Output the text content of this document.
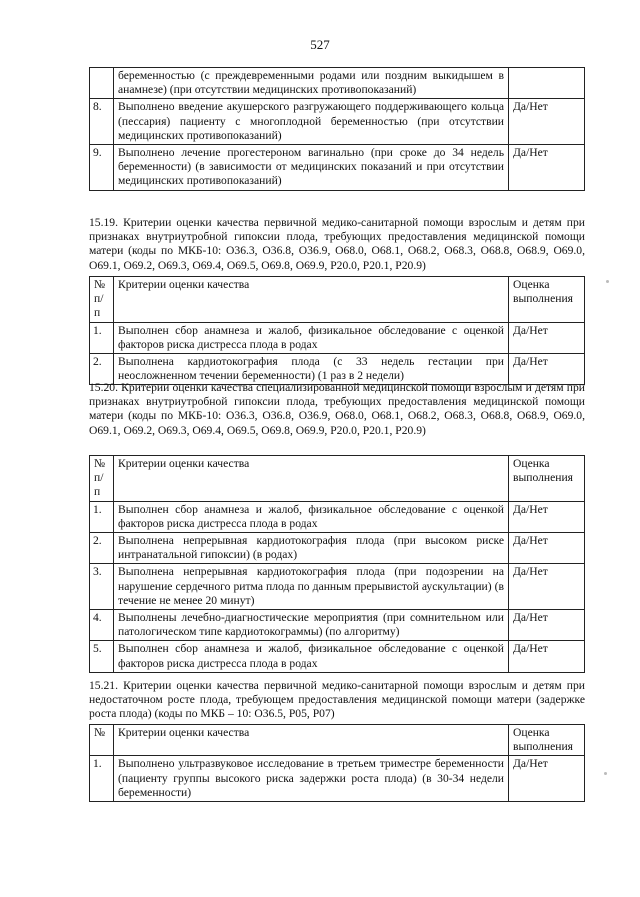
527
	беременностью (с преждевременными родами или поздним выкидышем в анамнезе) (при отсутствии медицинских противопоказаний)	
8.	Выполнено введение акушерского разгружающего поддерживающего кольца (пессария) пациенту с многоплодной беременностью (при отсутствии медицинских противопоказаний)	Да/Нет
9.	Выполнено лечение прогестероном вагинально (при сроке до 34 недель беременности) (в зависимости от медицинских показаний и при отсутствии медицинских противопоказаний)	Да/Нет

15.19. Критерии оценки качества первичной медико-санитарной помощи взрослым и детям при признаках внутриутробной гипоксии плода, требующих предоставления медицинской помощи матери (коды по МКБ-10: O36.3, O36.8, O36.9, O68.0, O68.1, O68.2, O68.3, O68.8, O68.9, O69.0, O69.1, O69.2, O69.3, O69.4, O69.5, O69.8, O69.9, P20.0, P20.1, P20.9)

№ п/п	Критерии оценки качества	Оценка выполнения
1.	Выполнен сбор анамнеза и жалоб, физикальное обследование с оценкой факторов риска дистресса плода в родах	Да/Нет
2.	Выполнена кардиотокография плода (с 33 недель гестации при неосложненном течении беременности) (1 раз в 2 недели)	Да/Нет

15.20. Критерии оценки качества специализированной медицинской помощи взрослым и детям при признаках внутриутробной гипоксии плода, требующих предоставления медицинской помощи матери (коды по МКБ-10: O36.3, O36.8, O36.9, O68.0, O68.1, O68.2, O68.3, O68.8, O68.9, O69.0, O69.1, O69.2, O69.3, O69.4, O69.5, O69.8, O69.9, P20.0, P20.1, P20.9)

№ п/п	Критерии оценки качества	Оценка выполнения
1.	Выполнен сбор анамнеза и жалоб, физикальное обследование с оценкой факторов риска дистресса плода в родах	Да/Нет
2.	Выполнена непрерывная кардиотокография плода (при высоком риске интранатальной гипоксии) (в родах)	Да/Нет
3.	Выполнена непрерывная кардиотокография плода (при подозрении на нарушение сердечного ритма плода по данным прерывистой аускультации) (в течение не менее 20 минут)	Да/Нет
4.	Выполнены лечебно-диагностические мероприятия (при сомнительном или патологическом типе кардиотокограммы) (по алгоритму)	Да/Нет
5.	Выполнен сбор анамнеза и жалоб, физикальное обследование с оценкой факторов риска дистресса плода в родах	Да/Нет

15.21. Критерии оценки качества первичной медико-санитарной помощи взрослым и детям при недостаточном росте плода, требующем предоставления медицинской помощи матери (задержке роста плода) (коды по МКБ – 10: O36.5, P05, P07)

№	Критерии оценки качества	Оценка выполнения
1.	Выполнено ультразвуковое исследование в третьем триместре беременности (пациенту группы высокого риска задержки роста плода) (в 30-34 недели беременности)	Да/Нет
